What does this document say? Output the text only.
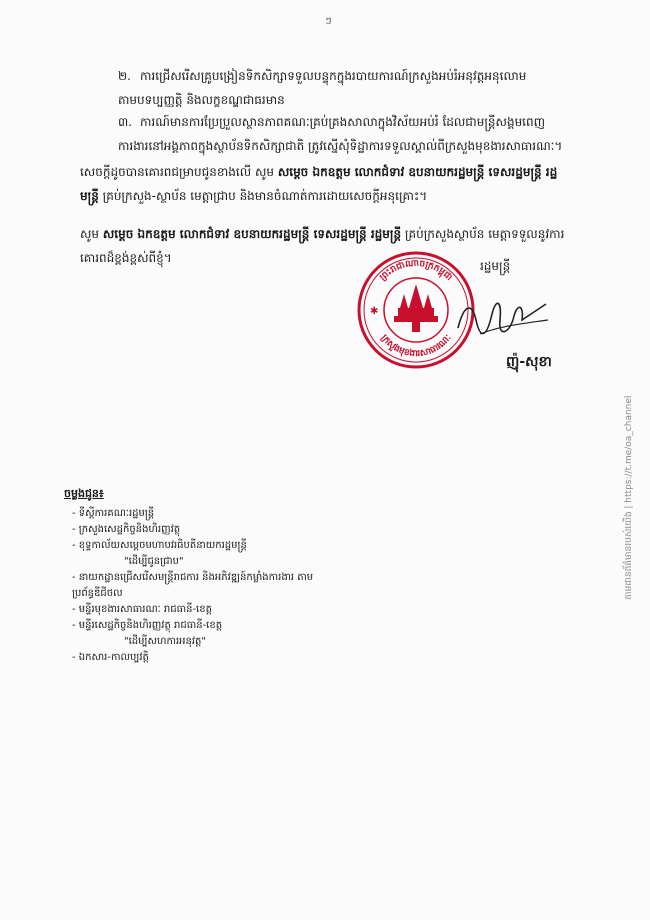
ៗ
២. ការជ្រើសរើសគ្រូបង្រៀនទិកសិក្សាទទួលបន្ទុកក្នុងរបាយការណ៍ក្រសួងអប់រំអនុវត្តអនុលោមតាមបទប្បញ្ញត្តិ និងលក្ខខណ្ឌជាធរមាន
៣. ការណ៍មានការប្រែប្រួលស្ថានភាពគណៈគ្រប់គ្រងសាលាក្នុងវិស័យអប់រំ ដែលជាមន្ត្រីសង្គមពេញការងារនៅអង្គភាពក្នុងស្ថាប័នទិកសិក្សាជាតិ ត្រូវស្នើសុំទិដ្ឋាការទទួលស្គាល់ពីក្រសួងមុខងារសាធារណៈ។
សេចក្ដីដូចបានគោរពជម្រាបជូនខាងលើ សូម សម្តេច ឯកឧត្តម លោកជំទាវ ឧបនាយករដ្ឋមន្ត្រី ទេសរដ្ឋមន្ត្រី រដ្ឋមន្ត្រី គ្រប់ក្រសួង-ស្ថាប័ន មេត្តាជ្រាប និងមានចំណាត់ការដោយសេចក្ដីអនុគ្រោះ។
សូម សម្តេច ឯកឧត្តម លោកជំទាវ ឧបនាយករដ្ឋមន្ត្រី ទេសរដ្ឋមន្ត្រី រដ្ឋមន្ត្រី គ្រប់ក្រសួងស្ថាប័ន មេត្តាទទួលនូវការគោរពដ៏ខ្ពង់ខ្ពស់ពីខ្ញុំ។
ព្រះរាជាណាចក្រកម្ពុជា
ក្រសួងមុខងារសាធារណៈ
✱
រដ្ឋមន្ត្រី
ញ៉ុ-សុខា
តាមដានព័ត៌មានរបស់យើង | https://t.me/oa_channel
ចម្លងជូន៖
- ទីស្ដីការគណៈរដ្ឋមន្ត្រី
- ក្រសួងសេដ្ឋកិច្ចនិងហិរញ្ញវត្ថុ
- ខុទ្ទកាល័យសម្ដេចមហាបវរធិបតីនាយករដ្ឋមន្ត្រី
"ដើម្បីជូនជ្រាប"
- នាយកដ្ឋានជ្រើសរើសមន្ត្រីរាជការ និងអភិវឌ្ឍន៍កម្លាំងការងារ តាមប្រព័ន្ធឌីជីថល
- មន្ទីរមុខងារសាធារណៈ រាជធានី-ខេត្ត
- មន្ទីរសេដ្ឋកិច្ចនិងហិរញ្ញវត្ថុ រាជធានី-ខេត្ត
"ដើម្បីសហការអនុវត្ត"
- ឯកសារ-កាលប្បវត្តិ
